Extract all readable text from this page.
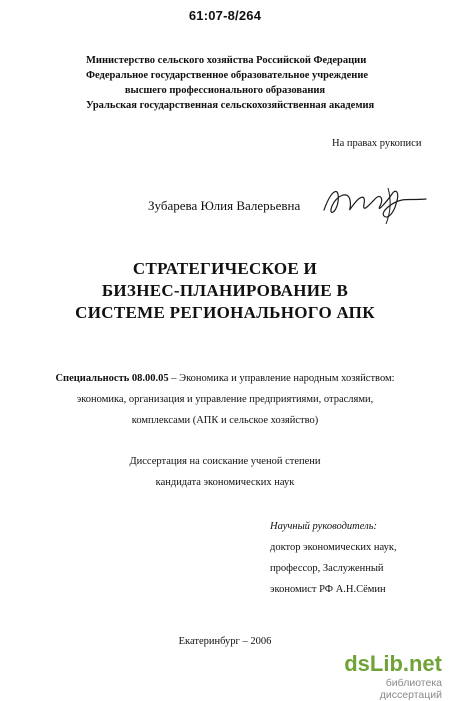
61:07-8/264
Министерство сельского хозяйства Российской Федерации
Федеральное государственное образовательное учреждение
высшего профессионального образования
Уральская государственная сельскохозяйственная академия
На правах рукописи
Зубарева Юлия Валерьевна
СТРАТЕГИЧЕСКОЕ И
БИЗНЕС-ПЛАНИРОВАНИЕ В
СИСТЕМЕ РЕГИОНАЛЬНОГО АПК
Специальность 08.00.05 – Экономика и управление народным хозяйством:
экономика, организация и управление предприятиями, отраслями,
комплексами (АПК и сельское хозяйство)
Диссертация на соискание ученой степени
кандидата экономических наук
Научный руководитель:
доктор экономических наук,
профессор, Заслуженный
экономист РФ А.Н.Сёмин
Екатеринбург – 2006
dsLib.net
библиотека диссертаций
